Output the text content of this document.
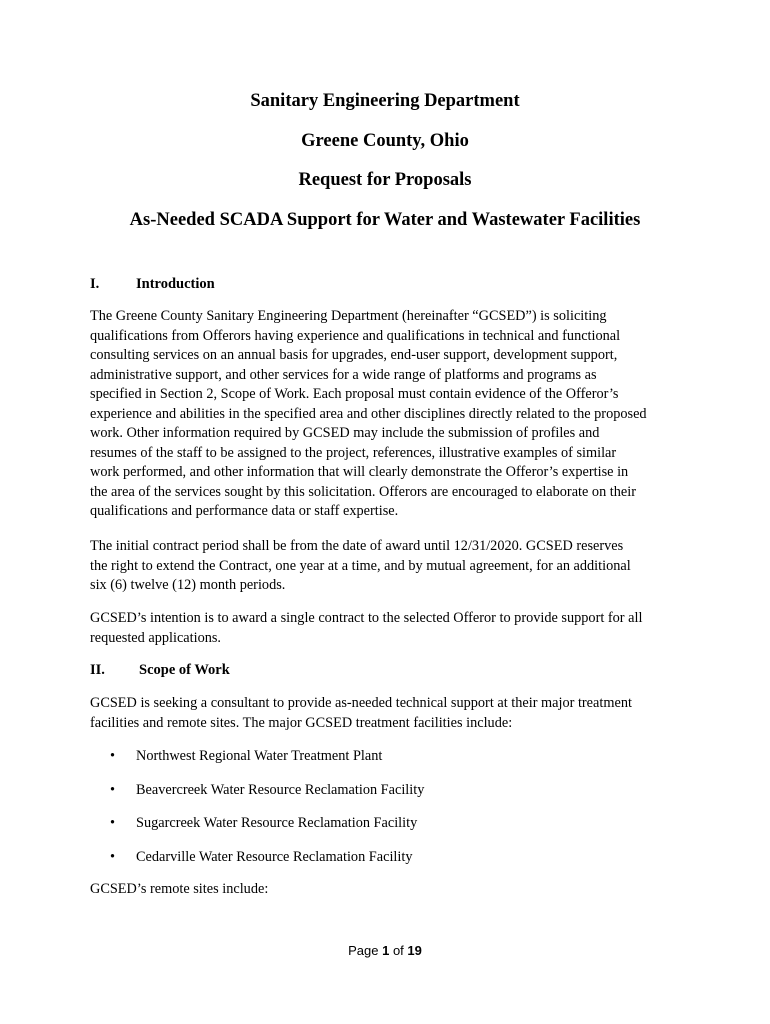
Sanitary Engineering Department
Greene County, Ohio
Request for Proposals
As-Needed SCADA Support for Water and Wastewater Facilities
I.	Introduction

The Greene County Sanitary Engineering Department (hereinafter “GCSED”) is soliciting
qualifications from Offerors having experience and qualifications in technical and functional
consulting services on an annual basis for upgrades, end-user support, development support,
administrative support, and other services for a wide range of platforms and programs as
specified in Section 2, Scope of Work. Each proposal must contain evidence of the Offeror’s
experience and abilities in the specified area and other disciplines directly related to the proposed
work. Other information required by GCSED may include the submission of profiles and
resumes of the staff to be assigned to the project, references, illustrative examples of similar
work performed, and other information that will clearly demonstrate the Offeror’s expertise in
the area of the services sought by this solicitation. Offerors are encouraged to elaborate on their
qualifications and performance data or staff expertise.

The initial contract period shall be from the date of award until 12/31/2020. GCSED reserves
the right to extend the Contract, one year at a time, and by mutual agreement, for an additional
six (6) twelve (12) month periods.

GCSED’s intention is to award a single contract to the selected Offeror to provide support for all
requested applications.

II. Scope of Work

GCSED is seeking a consultant to provide as-needed technical support at their major treatment
facilities and remote sites. The major GCSED treatment facilities include:

• Northwest Regional Water Treatment Plant
• Beavercreek Water Resource Reclamation Facility
• Sugarcreek Water Resource Reclamation Facility
• Cedarville Water Resource Reclamation Facility

GCSED’s remote sites include:

Page 1 of 19
